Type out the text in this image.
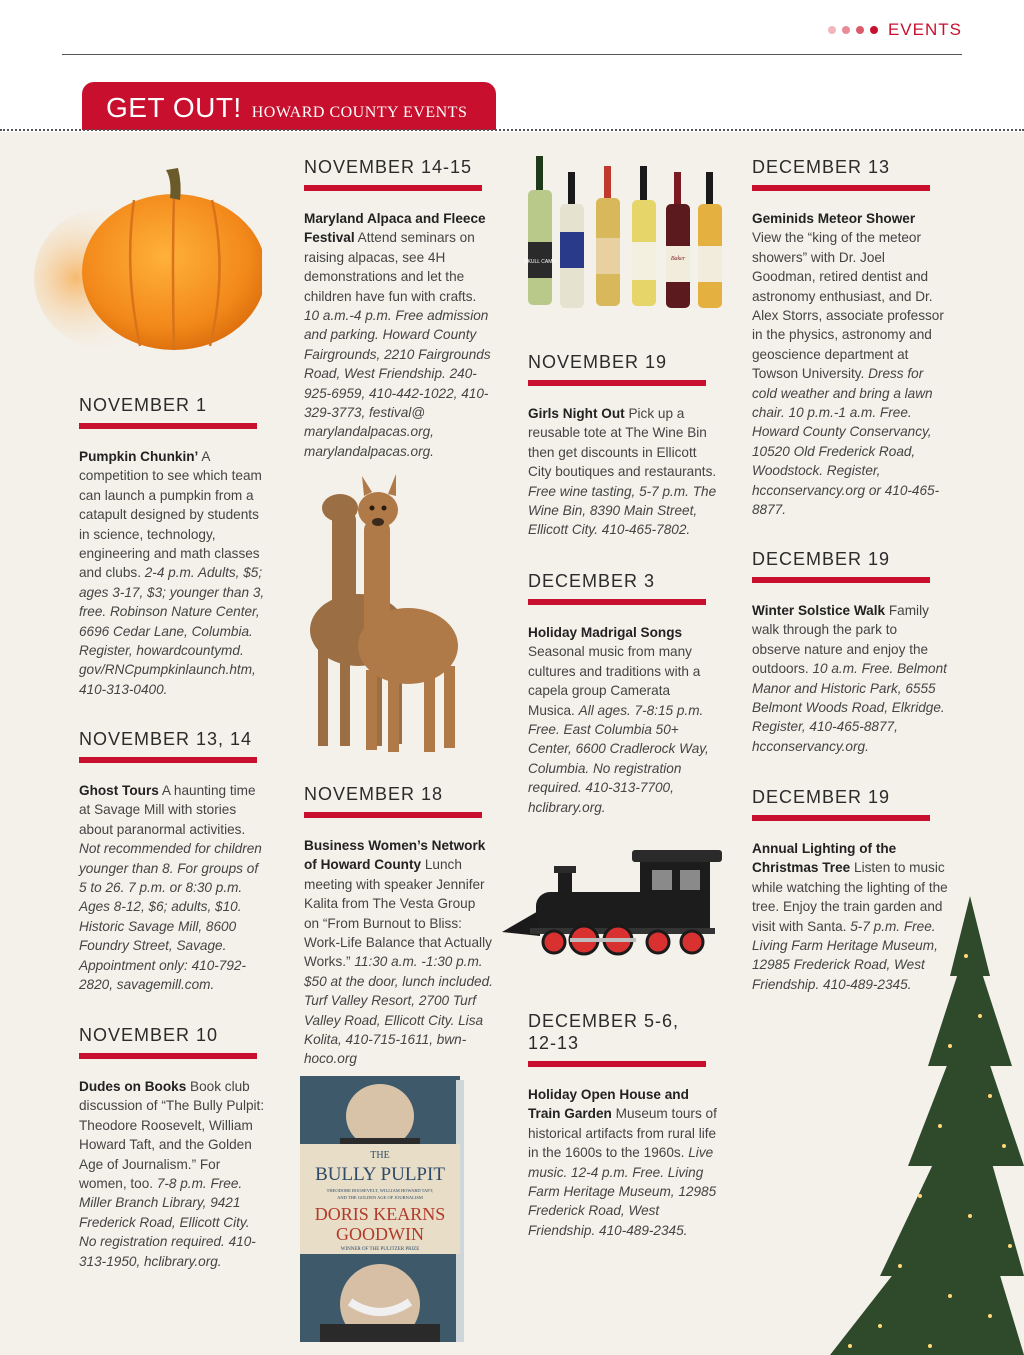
EVENTS
GET OUT! HOWARD COUNTY EVENTS
NOVEMBER 1

Pumpkin Chunkin’ A competition to see which team can launch a pumpkin from a catapult designed by students in science, technology, engineering and math classes and clubs. 2-4 p.m. Adults, $5; ages 3-17, $3; younger than 3, free. Robinson Nature Center, 6696 Cedar Lane, Columbia. Register, howardcountymd. gov/RNCpumpkinlaunch.htm, 410-313-0400.

NOVEMBER 13, 14

Ghost Tours A haunting time at Savage Mill with stories about paranormal activities. Not recommended for children younger than 8. For groups of 5 to 26. 7 p.m. or 8:30 p.m. Ages 8-12, $6; adults, $10. Historic Savage Mill, 8600 Foundry Street, Savage. Appointment only: 410-792-2820, savagemill.com.

NOVEMBER 10

Dudes on Books Book club discussion of “The Bully Pulpit: Theodore Roosevelt, William Howard Taft, and the Golden Age of Journalism.” For women, too. 7-8 p.m. Free. Miller Branch Library, 9421 Frederick Road, Ellicott City. No registration required. 410-313-1950, hclibrary.org.

NOVEMBER 14-15

Maryland Alpaca and Fleece Festival Attend seminars on raising alpacas, see 4H demonstrations and let the children have fun with crafts. 10 a.m.-4 p.m. Free admission and parking. Howard County Fairgrounds, 2210 Fairgrounds Road, West Friendship. 240-925-6959, 410-442-1022, 410-329-3773, festival@ marylandalpacas.org, marylandalpacas.org.

NOVEMBER 18

Business Women’s Network of Howard County Lunch meeting with speaker Jennifer Kalita from The Vesta Group on “From Burnout to Bliss: Work-Life Balance that Actually Works.” 11:30 a.m. -1:30 p.m. $50 at the door, lunch included. Turf Valley Resort, 2700 Turf Valley Road, Ellicott City. Lisa Kolita, 410-715-1611, bwn-hoco.org

THE
BULLY PULPIT
THEODORE ROOSEVELT, WILLIAM HOWARD TAFT,
AND THE GOLDEN AGE OF JOURNALISM
DORIS KEARNS
GOODWIN
WINNER OF THE PULITZER PRIZE
SKULL CAMP	Baker
NOVEMBER 19

Girls Night Out Pick up a reusable tote at The Wine Bin then get discounts in Ellicott City boutiques and restaurants. Free wine tasting, 5-7 p.m. The Wine Bin, 8390 Main Street, Ellicott City. 410-465-7802.

DECEMBER 3

Holiday Madrigal Songs Seasonal music from many cultures and traditions with a capela group Camerata Musica. All ages. 7-8:15 p.m. Free. East Columbia 50+ Center, 6600 Cradlerock Way, Columbia. No registration required. 410-313-7700, hclibrary.org.

DECEMBER 5-6, 12-13

Holiday Open House and Train Garden Museum tours of historical artifacts from rural life in the 1600s to the 1960s. Live music. 12-4 p.m. Free. Living Farm Heritage Museum, 12985 Frederick Road, West Friendship. 410-489-2345.

DECEMBER 13

Geminids Meteor Shower View the “king of the meteor showers” with Dr. Joel Goodman, retired dentist and astronomy enthusiast, and Dr. Alex Storrs, associate professor in the physics, astronomy and geoscience department at Towson University. Dress for cold weather and bring a lawn chair. 10 p.m.-1 a.m. Free. Howard County Conservancy, 10520 Old Frederick Road, Woodstock. Register, hcconservancy.org or 410-465-8877.

DECEMBER 19

Winter Solstice Walk Family walk through the park to observe nature and enjoy the outdoors. 10 a.m. Free. Belmont Manor and Historic Park, 6555 Belmont Woods Road, Elkridge. Register, 410-465-8877, hcconservancy.org.

DECEMBER 19

Annual Lighting of the Christmas Tree Listen to music while watching the lighting of the tree. Enjoy the train garden and visit with Santa. 5-7 p.m. Free. Living Farm Heritage Museum, 12985 Frederick Road, West Friendship. 410-489-2345.
